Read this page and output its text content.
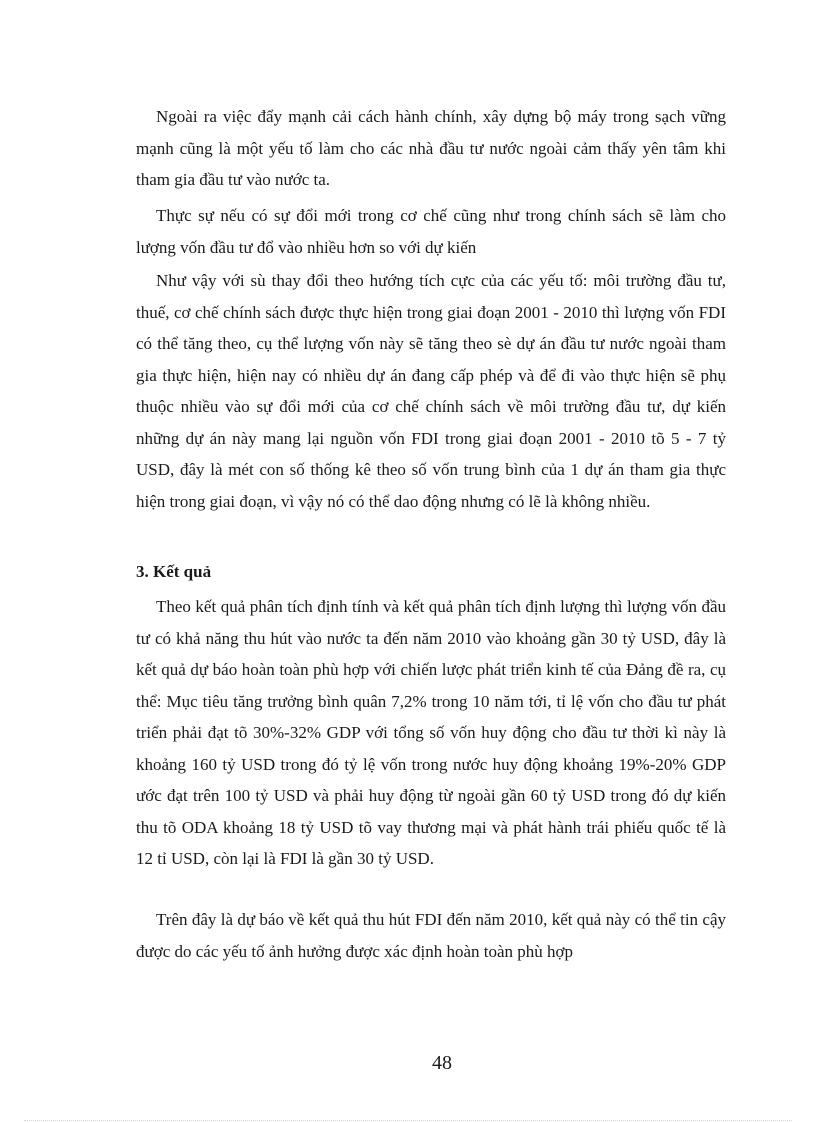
Ngoài ra việc đẩy mạnh cải cách hành chính, xây dựng bộ máy trong sạch vững mạnh cũng là một yếu tố làm cho các nhà đầu tư nước ngoài cảm thấy yên tâm khi tham gia đầu tư vào nước ta.

Thực sự nếu có sự đổi mới trong cơ chế cũng như trong chính sách sẽ làm cho lượng vốn đầu tư đổ vào nhiều hơn so với dự kiến

Như vậy với sù thay đổi theo hướng tích cực của các yếu tố: môi trường đầu tư, thuế, cơ chế chính sách được thực hiện trong giai đoạn 2001 - 2010 thì lượng vốn FDI có thể tăng theo, cụ thể lượng vốn này sẽ tăng theo sè dự án đầu tư nước ngoài tham gia thực hiện, hiện nay có nhiều dự án đang cấp phép và để đi vào thực hiện sẽ phụ thuộc nhiều vào sự đổi mới của cơ chế chính sách về môi trường đầu tư, dự kiến những dự án này mang lại nguồn vốn FDI trong giai đoạn 2001 - 2010 tõ 5 - 7 tỷ USD, đây là mét con số thống kê theo số vốn trung bình của 1 dự án tham gia thực hiện trong giai đoạn, vì vậy nó có thể dao động nhưng có lẽ là không nhiều.

3. Kết quả

Theo kết quả phân tích định tính và kết quả phân tích định lượng thì lượng vốn đầu tư có khả năng thu hút vào nước ta đến năm 2010 vào khoảng gần 30 tỷ USD, đây là kết quả dự báo hoàn toàn phù hợp với chiến lược phát triển kinh tế của Đảng đề ra, cụ thể: Mục tiêu tăng trưởng bình quân 7,2% trong 10 năm tới, tỉ lệ vốn cho đầu tư phát triển phải đạt tõ 30%-32% GDP với tổng số vốn huy động cho đầu tư thời kì này là khoảng 160 tỷ USD trong đó tỷ lệ vốn trong nước huy động khoảng 19%-20% GDP ước đạt trên 100 tỷ USD và phải huy động từ ngoài gần 60 tỷ USD trong đó dự kiến thu tõ ODA khoảng 18 tỷ USD tõ vay thương mại và phát hành trái phiếu quốc tế là 12 tỉ USD, còn lại là FDI là gần 30 tỷ USD.

Trên đây là dự báo về kết quả thu hút FDI đến năm 2010, kết quả này có thể tin cậy được do các yếu tố ảnh hưởng được xác định hoàn toàn phù hợp

48
